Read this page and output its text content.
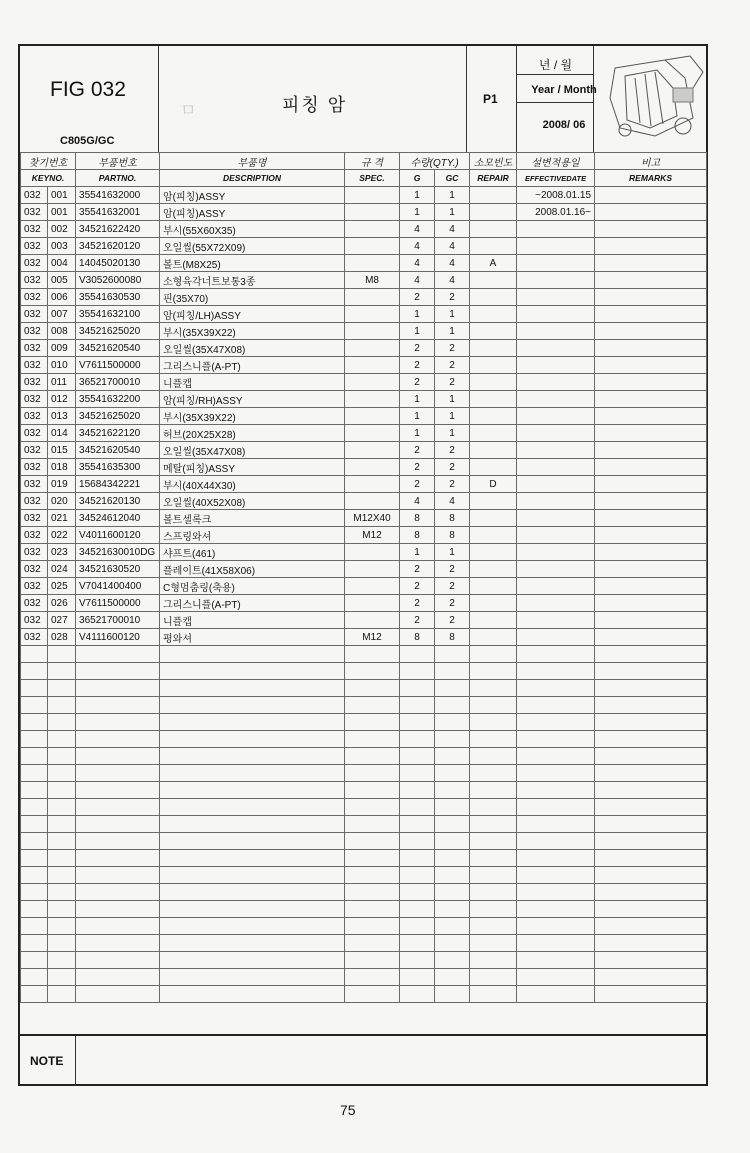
ㅁ
FIG 032
C805G/GC
피칭 암	P1
년 / 월
Year / Month
2008/ 06
찾기번호		부품번호	부품명	규 격	수량(QTY.)		소모빈도	설변적용일	비고
KEYNO.		PARTNO.	DESCRIPTION	SPEC.	G	GC	REPAIR	EFFECTIVEDATE	REMARKS
032	001	35541632000	암(피칭)ASSY		1	1		~2008.01.15	
032	001	35541632001	암(피칭)ASSY		1	1		2008.01.16~	
032	002	34521622420	부시(55X60X35)		4	4			
032	003	34521620120	오일씰(55X72X09)		4	4			
032	004	14045020130	볼트(M8X25)		4	4	A		
032	005	V3052600080	소형육각너트보통3종	M8	4	4			
032	006	35541630530	핀(35X70)		2	2			
032	007	35541632100	암(피칭/LH)ASSY		1	1			
032	008	34521625020	부시(35X39X22)		1	1			
032	009	34521620540	오일씰(35X47X08)		2	2			
032	010	V7611500000	그리스니플(A-PT)		2	2			
032	011	36521700010	니플캡		2	2			
032	012	35541632200	암(피칭/RH)ASSY		1	1			
032	013	34521625020	부시(35X39X22)		1	1			
032	014	34521622120	허브(20X25X28)		1	1			
032	015	34521620540	오일씰(35X47X08)		2	2			
032	018	35541635300	메탈(피칭)ASSY		2	2			
032	019	15684342221	부시(40X44X30)		2	2	D		
032	020	34521620130	오일씰(40X52X08)		4	4			
032	021	34524612040	볼트셀록크	M12X40	8	8			
032	022	V4011600120	스프링와셔	M12	8	8			
032	023	34521630010DG	샤프트(461)		1	1			
032	024	34521630520	플레이트(41X58X06)		2	2			
032	025	V7041400400	C형멈춤링(축용)		2	2			
032	026	V7611500000	그리스니플(A-PT)		2	2			
032	027	36521700010	니플캡		2	2			
032	028	V4111600120	평와셔	M12	8	8			

NOTE
75
